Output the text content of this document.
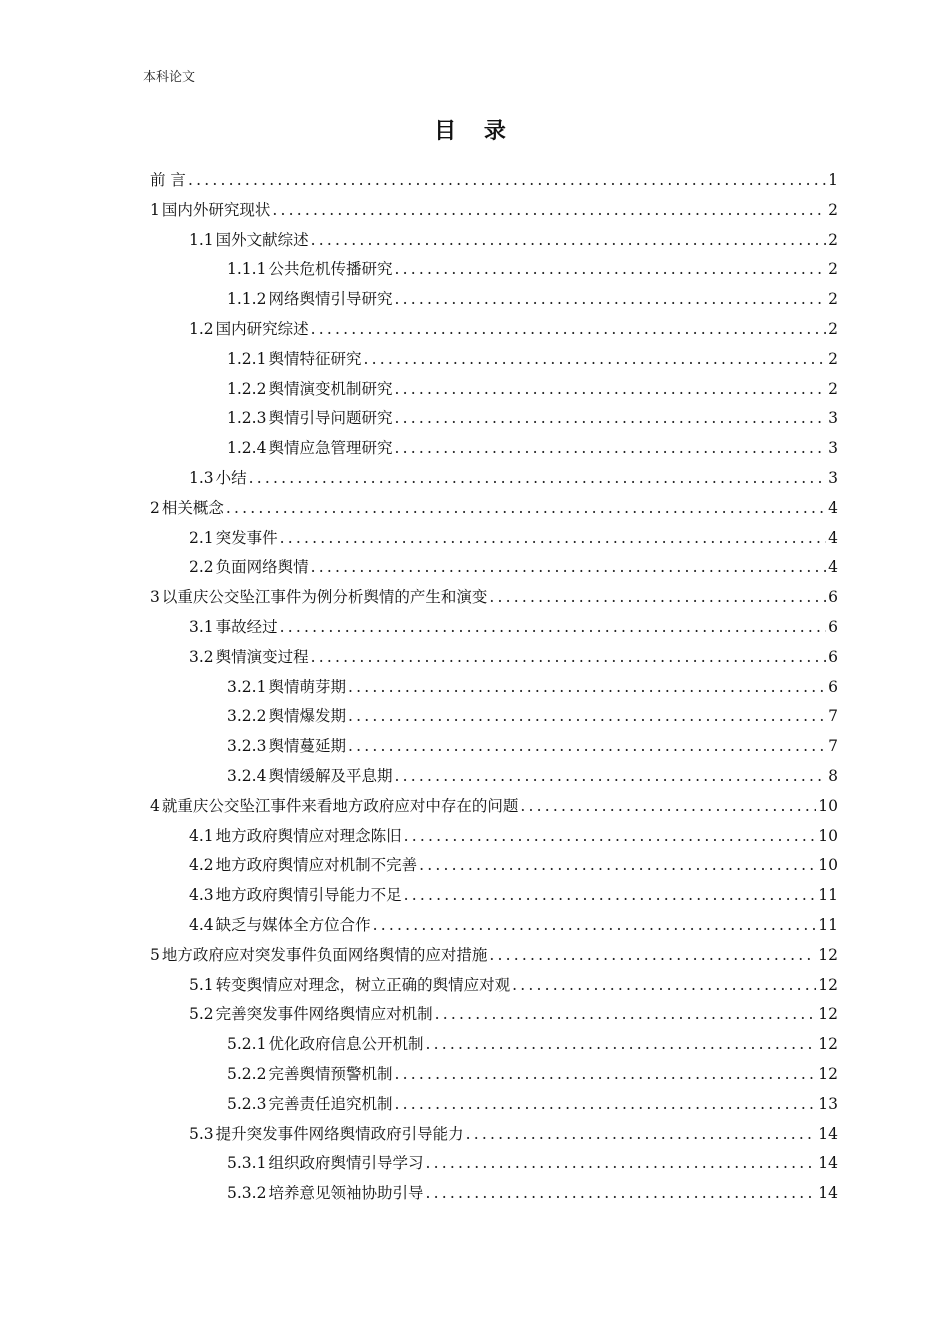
本科论文
目 录
前 言 .....	1
1 国内外研究现状 .....	2
1.1 国外文献综述 .....	2
1.1.1 公共危机传播研究 .....	2
1.1.2 网络舆情引导研究 .....	2
1.2 国内研究综述 .....	2
1.2.1 舆情特征研究 .....	2
1.2.2 舆情演变机制研究 .....	2
1.2.3 舆情引导问题研究 .....	3
1.2.4 舆情应急管理研究 .....	3
1.3 小结 .....	3
2 相关概念 .....	4
2.1 突发事件 .....	4
2.2 负面网络舆情 .....	4
3 以重庆公交坠江事件为例分析舆情的产生和演变 .....	6
3.1 事故经过 .....	6
3.2 舆情演变过程 .....	6
3.2.1 舆情萌芽期 .....	6
3.2.2 舆情爆发期 .....	7
3.2.3 舆情蔓延期 .....	7
3.2.4 舆情缓解及平息期 .....	8
4 就重庆公交坠江事件来看地方政府应对中存在的问题 .....	10
4.1 地方政府舆情应对理念陈旧 .....	10
4.2 地方政府舆情应对机制不完善 .....	10
4.3 地方政府舆情引导能力不足 .....	11
4.4 缺乏与媒体全方位合作 .....	11
5 地方政府应对突发事件负面网络舆情的应对措施 .....	12
5.1 转变舆情应对理念，树立正确的舆情应对观 .....	12
5.2 完善突发事件网络舆情应对机制 .....	12
5.2.1 优化政府信息公开机制 .....	12
5.2.2 完善舆情预警机制 .....	12
5.2.3 完善责任追究机制 .....	13
5.3 提升突发事件网络舆情政府引导能力 .....	14
5.3.1 组织政府舆情引导学习 .....	14
5.3.2 培养意见领袖协助引导 .....	14
